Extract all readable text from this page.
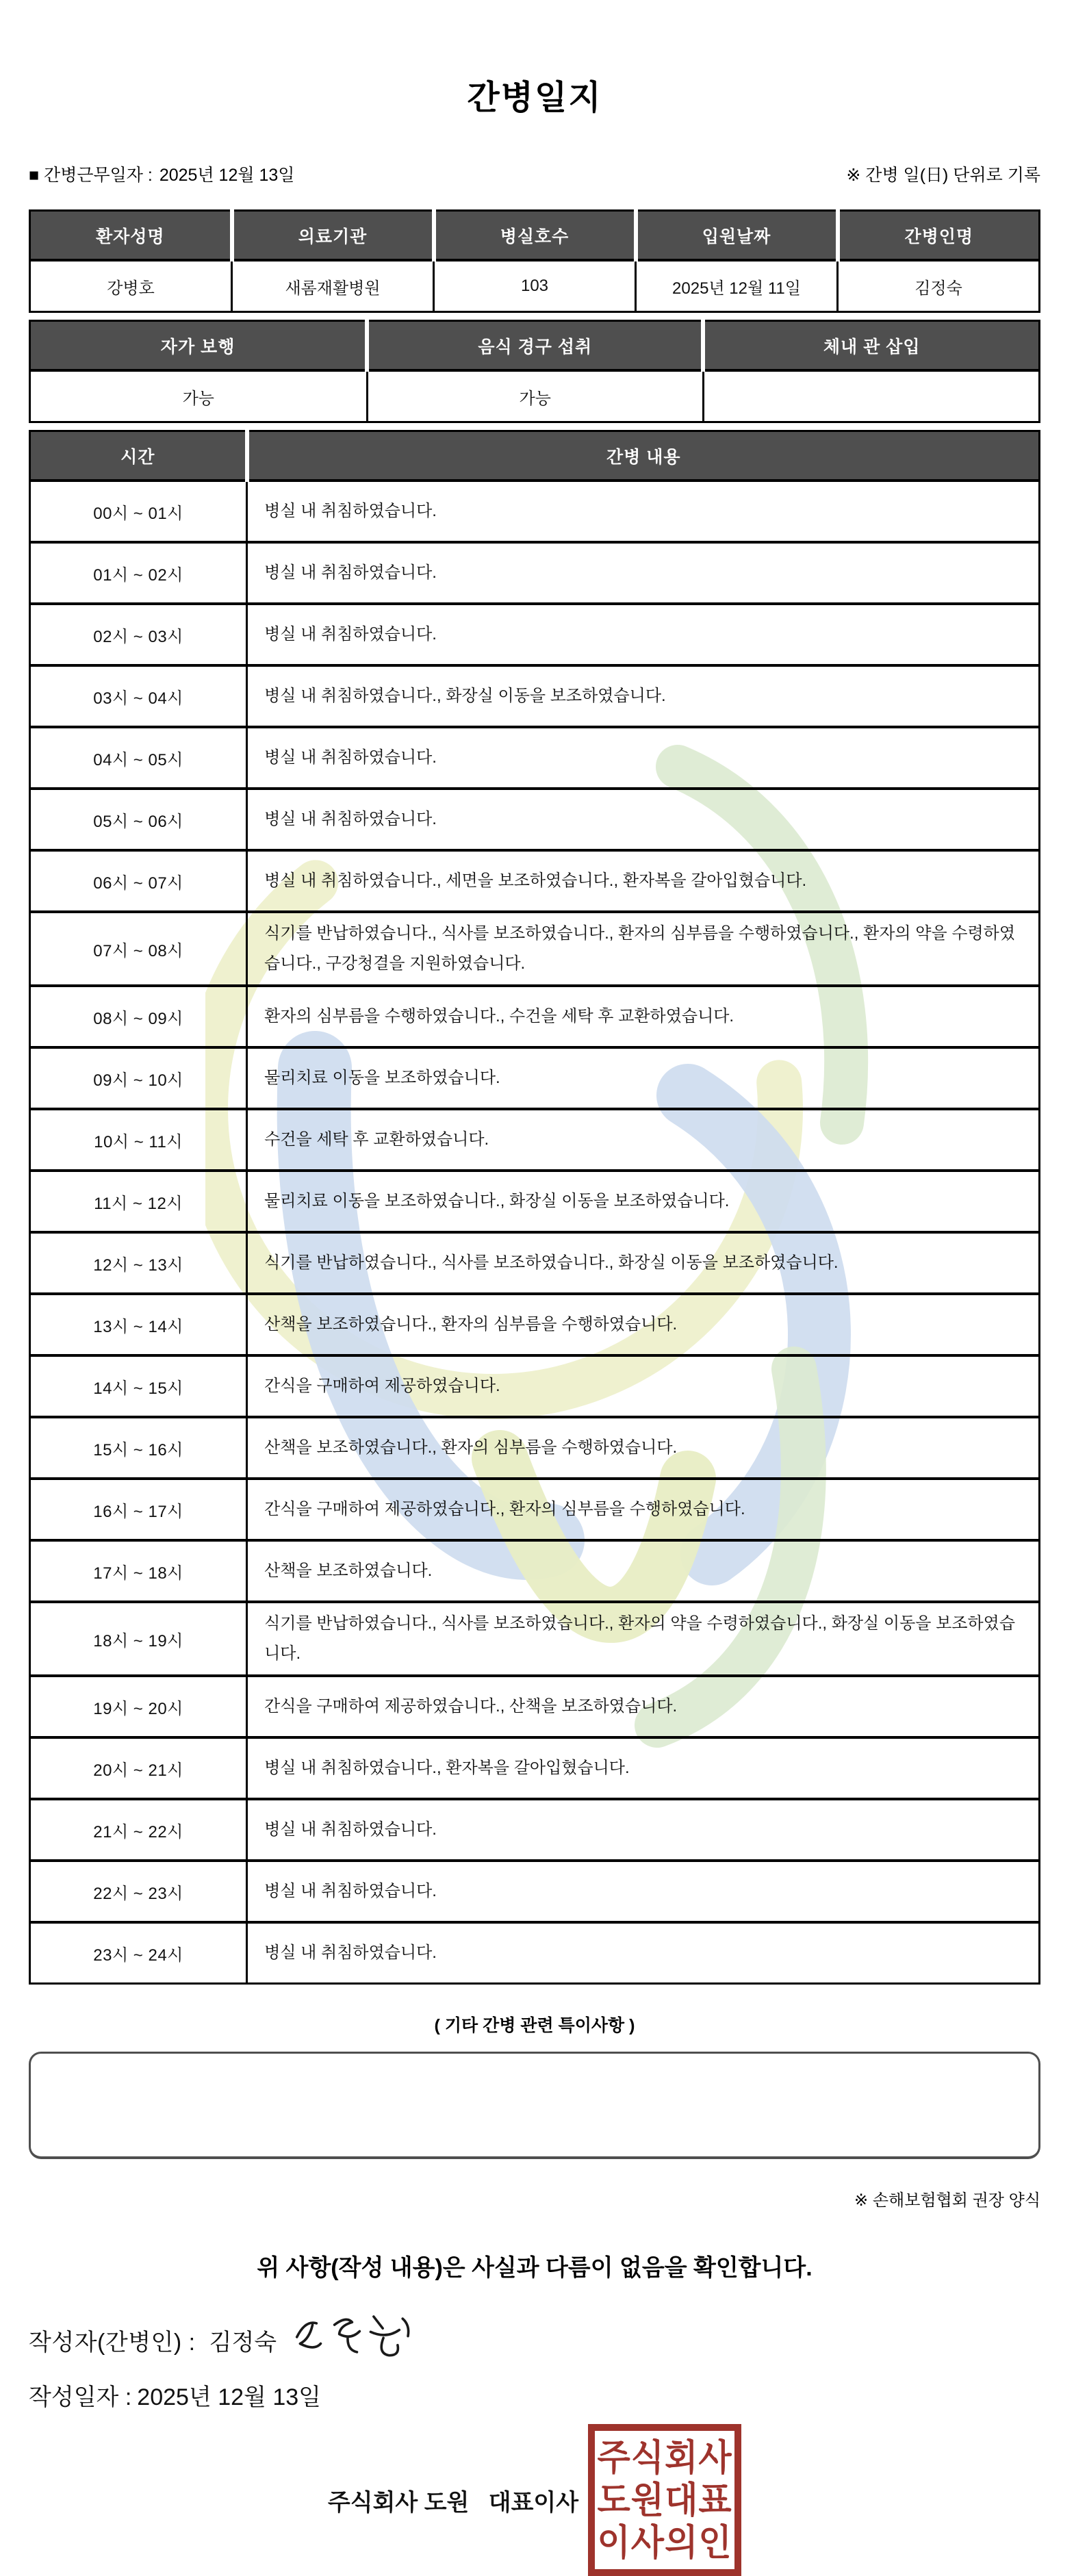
간병일지
■ 간병근무일자 : 2025년 12월 13일	※ 간병 일(日) 단위로 기록
환자성명	의료기관	병실호수	입원날짜	간병인명
강병호	새롬재활병원	103	2025년 12월 11일	김정숙
자가 보행	음식 경구 섭취	체내 관 삽입
가능	가능	
시간	간병 내용
00시 ~ 01시	병실 내 취침하였습니다.
01시 ~ 02시	병실 내 취침하였습니다.
02시 ~ 03시	병실 내 취침하였습니다.
03시 ~ 04시	병실 내 취침하였습니다., 화장실 이동을 보조하였습니다.
04시 ~ 05시	병실 내 취침하였습니다.
05시 ~ 06시	병실 내 취침하였습니다.
06시 ~ 07시	병실 내 취침하였습니다., 세면을 보조하였습니다., 환자복을 갈아입혔습니다.
07시 ~ 08시	식기를 반납하였습니다., 식사를 보조하였습니다., 환자의 심부름을 수행하였습니다., 환자의 약을 수령하였습니다., 구강청결을 지원하였습니다.
08시 ~ 09시	환자의 심부름을 수행하였습니다., 수건을 세탁 후 교환하였습니다.
09시 ~ 10시	물리치료 이동을 보조하였습니다.
10시 ~ 11시	수건을 세탁 후 교환하였습니다.
11시 ~ 12시	물리치료 이동을 보조하였습니다., 화장실 이동을 보조하였습니다.
12시 ~ 13시	식기를 반납하였습니다., 식사를 보조하였습니다., 화장실 이동을 보조하였습니다.
13시 ~ 14시	산책을 보조하였습니다., 환자의 심부름을 수행하였습니다.
14시 ~ 15시	간식을 구매하여 제공하였습니다.
15시 ~ 16시	산책을 보조하였습니다., 환자의 심부름을 수행하였습니다.
16시 ~ 17시	간식을 구매하여 제공하였습니다., 환자의 심부름을 수행하였습니다.
17시 ~ 18시	산책을 보조하였습니다.
18시 ~ 19시	식기를 반납하였습니다., 식사를 보조하였습니다., 환자의 약을 수령하였습니다., 화장실 이동을 보조하였습니다.
19시 ~ 20시	간식을 구매하여 제공하였습니다., 산책을 보조하였습니다.
20시 ~ 21시	병실 내 취침하였습니다., 환자복을 갈아입혔습니다.
21시 ~ 22시	병실 내 취침하였습니다.
22시 ~ 23시	병실 내 취침하였습니다.
23시 ~ 24시	병실 내 취침하였습니다.
( 기타 간병 관련 특이사항 )
※ 손해보험협회 권장 양식
위 사항(작성 내용)은 사실과 다름이 없음을 확인합니다.
작성자(간병인) : 김정숙
작성일자 : 2025년 12월 13일
주식회사 도원   대표이사
주식회사
도원대표
이사의인
